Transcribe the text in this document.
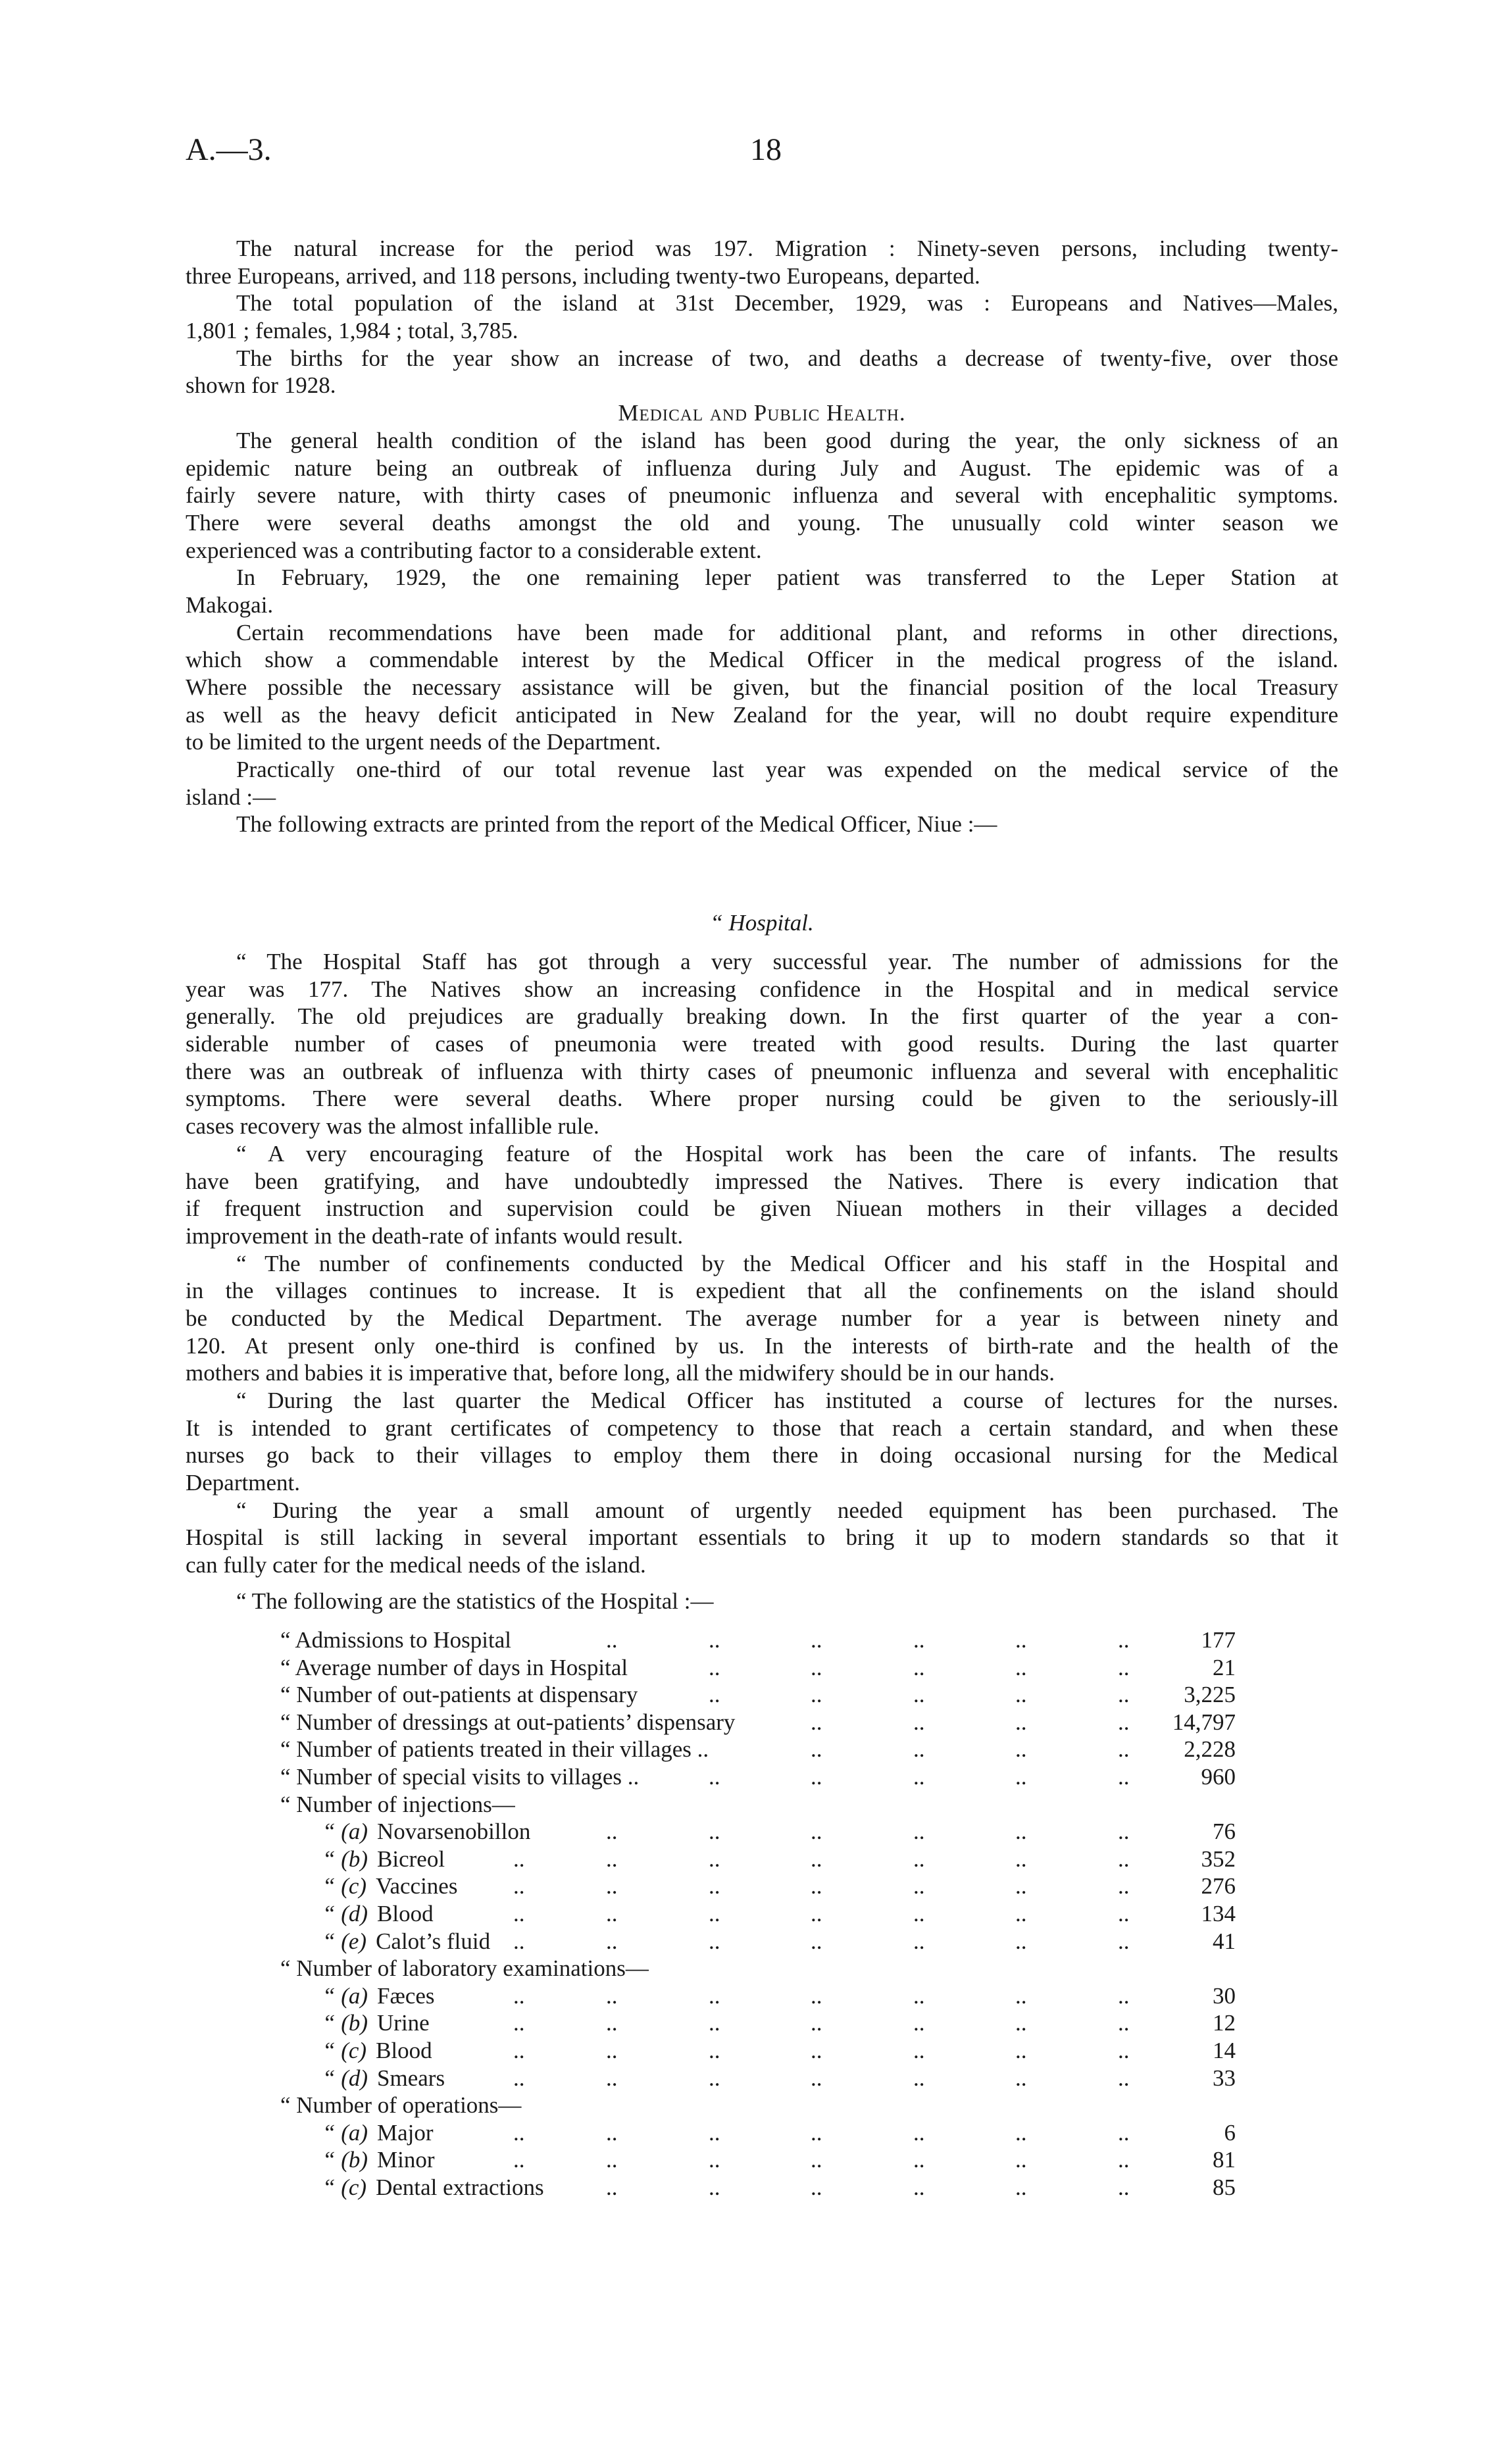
A.—3.	18
The natural increase for the period was 197. Migration : Ninety-seven persons, including twenty-
three Europeans, arrived, and 118 persons, including twenty-two Europeans, departed.
The total population of the island at 31st December, 1929, was : Europeans and Natives—Males,
1,801 ; females, 1,984 ; total, 3,785.
The births for the year show an increase of two, and deaths a decrease of twenty-five, over those
shown for 1928.
Medical and Public Health.
The general health condition of the island has been good during the year, the only sickness of an
epidemic nature being an outbreak of influenza during July and August. The epidemic was of a
fairly severe nature, with thirty cases of pneumonic influenza and several with encephalitic symptoms.
There were several deaths amongst the old and young. The unusually cold winter season we
experienced was a contributing factor to a considerable extent.
In February, 1929, the one remaining leper patient was transferred to the Leper Station at
Makogai.
Certain recommendations have been made for additional plant, and reforms in other directions,
which show a commendable interest by the Medical Officer in the medical progress of the island.
Where possible the necessary assistance will be given, but the financial position of the local Treasury
as well as the heavy deficit anticipated in New Zealand for the year, will no doubt require expenditure
to be limited to the urgent needs of the Department.
Practically one-third of our total revenue last year was expended on the medical service of the
island :—
The following extracts are printed from the report of the Medical Officer, Niue :—
“ Hospital.
“ The Hospital Staff has got through a very successful year. The number of admissions for the
year was 177. The Natives show an increasing confidence in the Hospital and in medical service
generally. The old prejudices are gradually breaking down. In the first quarter of the year a con-
siderable number of cases of pneumonia were treated with good results. During the last quarter
there was an outbreak of influenza with thirty cases of pneumonic influenza and several with encephalitic
symptoms. There were several deaths. Where proper nursing could be given to the seriously-ill
cases recovery was the almost infallible rule.
“ A very encouraging feature of the Hospital work has been the care of infants. The results
have been gratifying, and have undoubtedly impressed the Natives. There is every indication that
if frequent instruction and supervision could be given Niuean mothers in their villages a decided
improvement in the death-rate of infants would result.
“ The number of confinements conducted by the Medical Officer and his staff in the Hospital and
in the villages continues to increase. It is expedient that all the confinements on the island should
be conducted by the Medical Department. The average number for a year is between ninety and
120. At present only one-third is confined by us. In the interests of birth-rate and the health of the
mothers and babies it is imperative that, before long, all the midwifery should be in our hands.
“ During the last quarter the Medical Officer has instituted a course of lectures for the nurses.
It is intended to grant certificates of competency to those that reach a certain standard, and when these
nurses go back to their villages to employ them there in doing occasional nursing for the Medical
Department.
“ During the year a small amount of urgently needed equipment has been purchased. The
Hospital is still lacking in several important essentials to bring it up to modern standards so that it
can fully cater for the medical needs of the island.
“ The following are the statistics of the Hospital :—
“ Admissions to Hospital	..	..	..	..	..	..	177
“ Average number of days in Hospital	..	..	..	..	..	21
“ Number of out-patients at dispensary	..	..	..	..	.. 3,225
“ Number of dressings at out-patients’ dispensary	..	..	..	.. 14,797
“ Number of patients treated in their villages ..	..	..	..	.. 2,228
“ Number of special visits to villages ..	..	..	..	..	..	960
“ Number of injections—
“ (a) Novarsenobillon	..	..	..	..	..	..	76
“ (b) Bicreol	..	..	..	..	..	..	..	352
“ (c) Vaccines ..	..	..	..	..	..	..	276
“ (d) Blood	..	..	..	..	..	..	..	134
“ (e) Calot’s fluid ..	..	..	..	..	..	..	41
“ Number of laboratory examinations—
“ (a) Fæces	..	..	..	..	..	..	..	30
“ (b) Urine	..	..	..	..	..	..	..	12
“ (c) Blood	..	..	..	..	..	..	..	14
“ (d) Smears	..	..	..	..	..	..	..	33
“ Number of operations—
“ (a) Major	..	..	..	..	..	..	..	6
“ (b) Minor	..	..	..	..	..	..	..	81
“ (c) Dental extractions	..	..	..	..	..	..	85
